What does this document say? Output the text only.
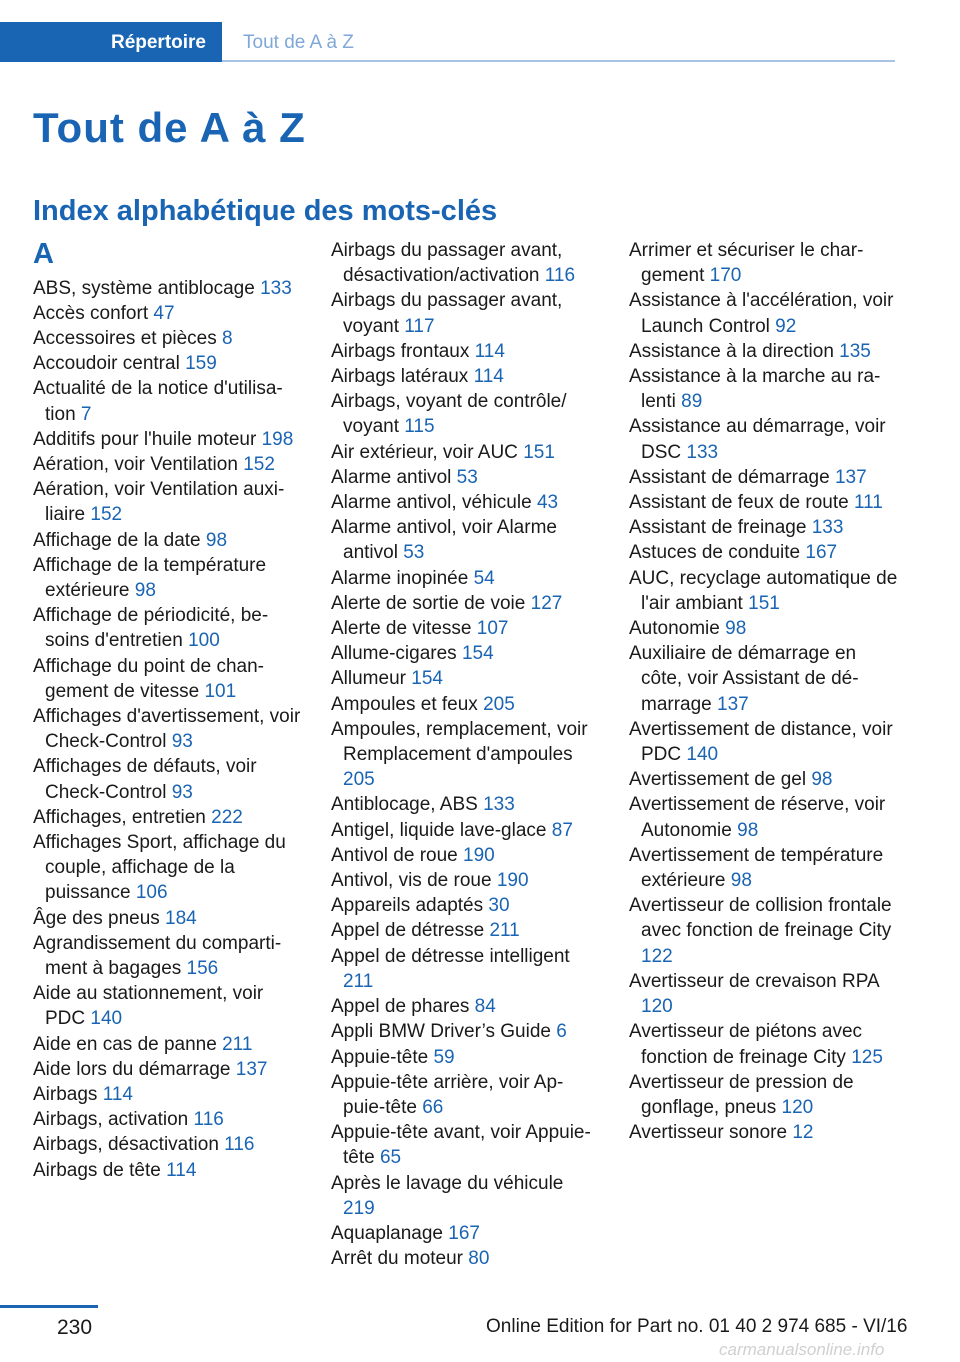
Répertoire Tout de A à Z
Tout de A à Z
Index alphabétique des mots-clés
A
ABS, système antiblocage 133
Accès confort 47
Accessoires et pièces 8
Accoudoir central 159
Actualité de la notice d'utilisation 7
Additifs pour l'huile moteur 198
Aération, voir Ventilation 152
Aération, voir Ventilation auxiliaire 152
Affichage de la date 98
Affichage de la température extérieure 98
Affichage de périodicité, besoins d'entretien 100
Affichage du point de changement de vitesse 101
Affichages d'avertissement, voir Check-Control 93
Affichages de défauts, voir Check-Control 93
Affichages, entretien 222
Affichages Sport, affichage du couple, affichage de la puissance 106
Âge des pneus 184
Agrandissement du compartiment à bagages 156
Aide au stationnement, voir PDC 140
Aide en cas de panne 211
Aide lors du démarrage 137
Airbags 114
Airbags, activation 116
Airbags, désactivation 116
Airbags de tête 114
Airbags du passager avant, désactivation/activation 116
Airbags du passager avant, voyant 117
Airbags frontaux 114
Airbags latéraux 114
Airbags, voyant de contrôle/ voyant 115
Air extérieur, voir AUC 151
Alarme antivol 53
Alarme antivol, véhicule 43
Alarme antivol, voir Alarme antivol 53
Alarme inopinée 54
Alerte de sortie de voie 127
Alerte de vitesse 107
Allume-cigares 154
Allumeur 154
Ampoules et feux 205
Ampoules, remplacement, voir Remplacement d'ampoules 205
Antiblocage, ABS 133
Antigel, liquide lave-glace 87
Antivol de roue 190
Antivol, vis de roue 190
Appareils adaptés 30
Appel de détresse 211
Appel de détresse intelligent 211
Appel de phares 84
Appli BMW Driver’s Guide 6
Appuie-tête 59
Appuie-tête arrière, voir Appuie-tête 66
Appuie-tête avant, voir Appuie-tête 65
Après le lavage du véhicule 219
Aquaplanage 167
Arrêt du moteur 80
Arrimer et sécuriser le chargement 170
Assistance à l'accélération, voir Launch Control 92
Assistance à la direction 135
Assistance à la marche au ralenti 89
Assistance au démarrage, voir DSC 133
Assistant de démarrage 137
Assistant de feux de route 111
Assistant de freinage 133
Astuces de conduite 167
AUC, recyclage automatique de l'air ambiant 151
Autonomie 98
Auxiliaire de démarrage en côte, voir Assistant de démarrage 137
Avertissement de distance, voir PDC 140
Avertissement de gel 98
Avertissement de réserve, voir Autonomie 98
Avertissement de température extérieure 98
Avertisseur de collision frontale avec fonction de freinage City 122
Avertisseur de crevaison RPA 120
Avertisseur de piétons avec fonction de freinage City 125
Avertisseur de pression de gonflage, pneus 120
Avertisseur sonore 12
230	Online Edition for Part no. 01 40 2 974 685 - VI/16
carmanualsonline.info
